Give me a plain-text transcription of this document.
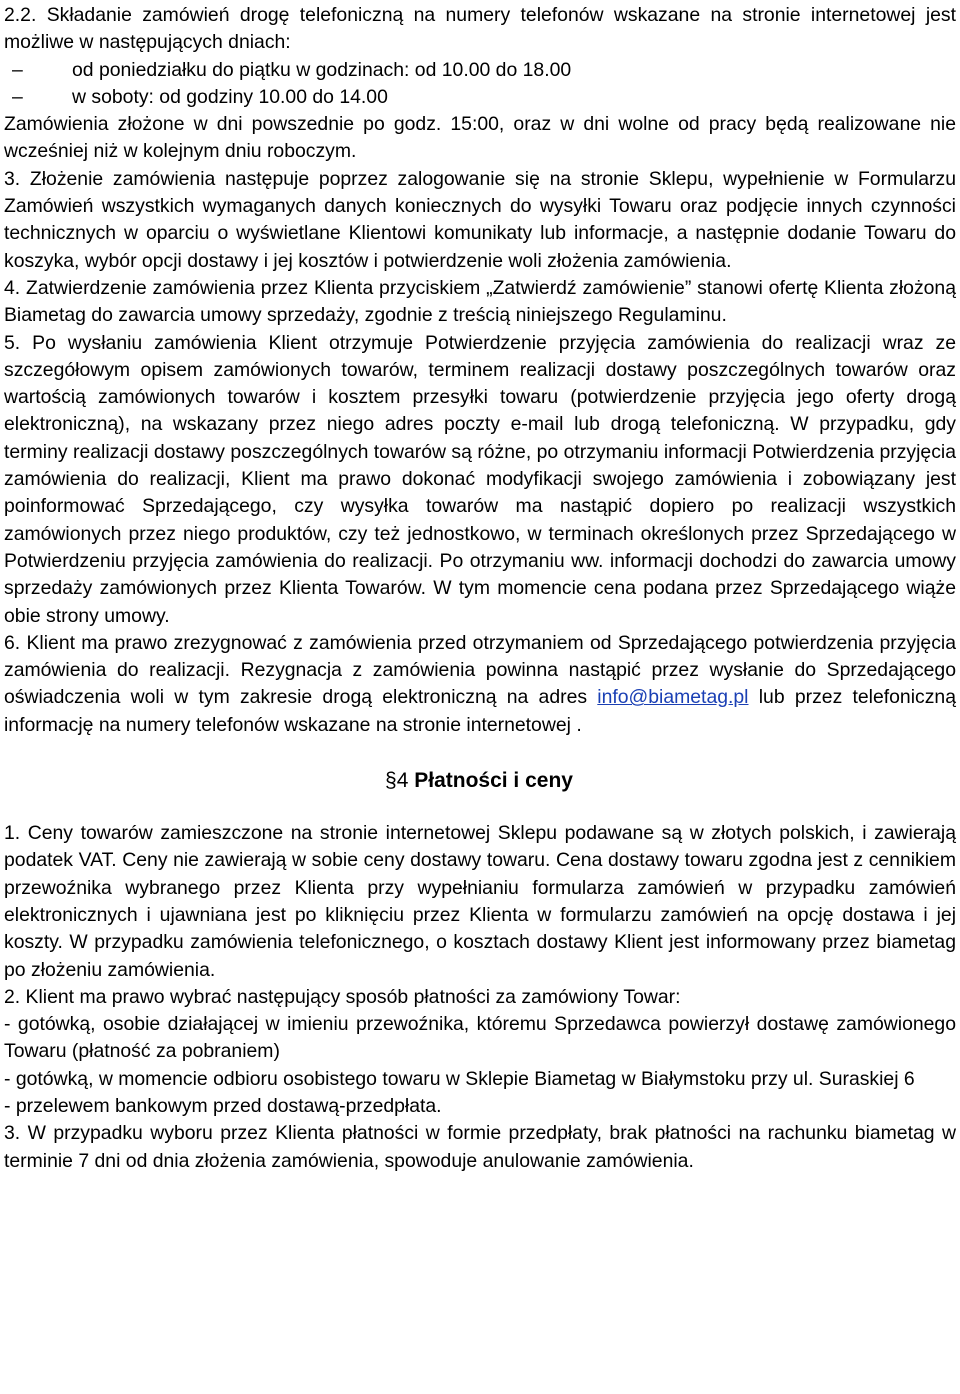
2.2. Składanie zamówień drogę telefoniczną na numery telefonów wskazane na stronie internetowej jest możliwe w następujących dniach:

–	od poniedziałku do piątku w godzinach: od 10.00 do 18.00

–	w soboty: od godziny 10.00 do 14.00

Zamówienia złożone w dni powszednie po godz. 15:00, oraz w dni wolne od pracy będą realizowane nie wcześniej niż w kolejnym dniu roboczym.

3. Złożenie zamówienia następuje poprzez zalogowanie się na stronie Sklepu, wypełnienie w Formularzu Zamówień wszystkich wymaganych danych koniecznych do wysyłki Towaru oraz podjęcie innych czynności technicznych w oparciu o wyświetlane Klientowi komunikaty lub informacje, a następnie dodanie Towaru do koszyka, wybór opcji dostawy i jej kosztów i potwierdzenie woli złożenia zamówienia.

4. Zatwierdzenie zamówienia przez Klienta przyciskiem „Zatwierdź zamówienie” stanowi ofertę Klienta złożoną Biametag do zawarcia umowy sprzedaży, zgodnie z treścią niniejszego Regulaminu.

5. Po wysłaniu zamówienia Klient otrzymuje Potwierdzenie przyjęcia zamówienia do realizacji wraz ze szczegółowym opisem zamówionych towarów, terminem realizacji dostawy poszczególnych towarów oraz wartością zamówionych towarów i kosztem przesyłki towaru (potwierdzenie przyjęcia jego oferty drogą elektroniczną), na wskazany przez niego adres poczty e-mail lub drogą telefoniczną. W przypadku, gdy terminy realizacji dostawy poszczególnych towarów są różne, po otrzymaniu informacji Potwierdzenia przyjęcia zamówienia do realizacji, Klient ma prawo dokonać modyfikacji swojego zamówienia i zobowiązany jest poinformować Sprzedającego, czy wysyłka towarów ma nastąpić dopiero po realizacji wszystkich zamówionych przez niego produktów, czy też jednostkowo, w terminach określonych przez Sprzedającego w Potwierdzeniu przyjęcia zamówienia do realizacji. Po otrzymaniu ww. informacji dochodzi do zawarcia umowy sprzedaży zamówionych przez Klienta Towarów. W tym momencie cena podana przez Sprzedającego wiąże obie strony umowy.

6. Klient ma prawo zrezygnować z zamówienia przed otrzymaniem od Sprzedającego potwierdzenia przyjęcia zamówienia do realizacji. Rezygnacja z zamówienia powinna nastąpić przez wysłanie do Sprzedającego oświadczenia woli w tym zakresie drogą elektroniczną na adres info@biametag.pl lub przez telefoniczną informację na numery telefonów wskazane na stronie internetowej .

§4 Płatności i ceny

1. Ceny towarów zamieszczone na stronie internetowej Sklepu podawane są w złotych polskich, i zawierają podatek VAT. Ceny nie zawierają w sobie ceny dostawy towaru. Cena dostawy towaru zgodna jest z cennikiem przewoźnika wybranego przez Klienta przy wypełnianiu formularza zamówień w przypadku zamówień elektronicznych i ujawniana jest po kliknięciu przez Klienta w formularzu zamówień na opcję dostawa i jej koszty. W przypadku zamówienia telefonicznego, o kosztach dostawy Klient jest informowany przez biametag po złożeniu zamówienia.

2. Klient ma prawo wybrać następujący sposób płatności za zamówiony Towar:

- gotówką, osobie działającej w imieniu przewoźnika, któremu Sprzedawca powierzył dostawę zamówionego Towaru (płatność za pobraniem)

- gotówką, w momencie odbioru osobistego towaru w Sklepie Biametag w Białymstoku przy ul. Suraskiej 6

- przelewem bankowym przed dostawą-przedpłata.

3. W przypadku wyboru przez Klienta płatności w formie przedpłaty, brak płatności na rachunku biametag w terminie 7 dni od dnia złożenia zamówienia, spowoduje anulowanie zamówienia.
